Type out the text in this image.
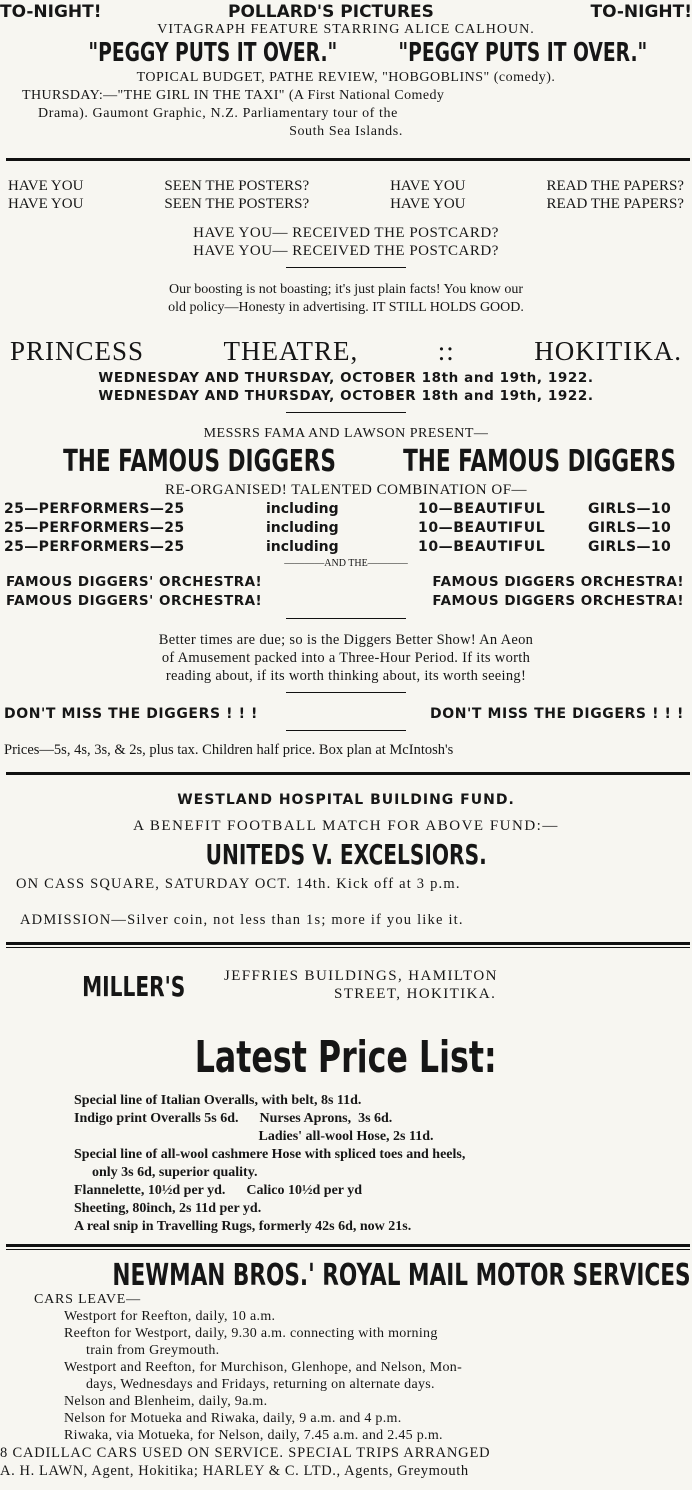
TO-NIGHT!	POLLARD'S PICTURES	TO-NIGHT!
VITAGRAPH FEATURE STARRING ALICE CALHOUN.
"PEGGY PUTS IT OVER."	"PEGGY PUTS IT OVER."
TOPICAL BUDGET, PATHE REVIEW, "HOBGOBLINS" (comedy).
THURSDAY:—"THE GIRL IN THE TAXI" (A First National Comedy
Drama). Gaumont Graphic, N.Z. Parliamentary tour of the
South Sea Islands.
HAVE YOU	SEEN THE POSTERS?	HAVE YOU	READ THE PAPERS?
HAVE YOU	SEEN THE POSTERS?	HAVE YOU	READ THE PAPERS?
HAVE YOU— RECEIVED THE POSTCARD?
HAVE YOU— RECEIVED THE POSTCARD?
Our boosting is not boasting; it's just plain facts! You know our
old policy—Honesty in advertising. IT STILL HOLDS GOOD.
PRINCESS	THEATRE,	::	HOKITIKA.
WEDNESDAY AND THURSDAY, OCTOBER 18th and 19th, 1922.
WEDNESDAY AND THURSDAY, OCTOBER 18th and 19th, 1922.
MESSRS FAMA AND LAWSON PRESENT—
THE FAMOUS DIGGERS	THE FAMOUS DIGGERS
RE-ORGANISED! TALENTED COMBINATION OF—
25—PERFORMERS—25	including	10—BEAUTIFUL	GIRLS—10
25—PERFORMERS—25	including	10—BEAUTIFUL	GIRLS—10
25—PERFORMERS—25	including	10—BEAUTIFUL	GIRLS—10
————AND THE————
FAMOUS DIGGERS' ORCHESTRA!	FAMOUS DIGGERS ORCHESTRA!
FAMOUS DIGGERS' ORCHESTRA!	FAMOUS DIGGERS ORCHESTRA!
Better times are due; so is the Diggers Better Show! An Aeon
of Amusement packed into a Three-Hour Period. If its worth
reading about, if its worth thinking about, its worth seeing!
DON'T MISS THE DIGGERS ! ! !	DON'T MISS THE DIGGERS ! ! !
Prices—5s, 4s, 3s, & 2s, plus tax. Children half price. Box plan at McIntosh's
WESTLAND HOSPITAL BUILDING FUND.
A BENEFIT FOOTBALL MATCH FOR ABOVE FUND:—
UNITEDS V. EXCELSIORS.
ON CASS SQUARE, SATURDAY OCT. 14th. Kick off at 3 p.m.
ADMISSION—Silver coin, not less than 1s; more if you like it.
MILLER'S	JEFFRIES BUILDINGS, HAMILTON
STREET, HOKITIKA.
Latest Price List:
Special line of Italian Overalls, with belt, 8s 11d.
Indigo print Overalls 5s 6d.      Nurses Aprons,  3s 6d.
Ladies' all-wool Hose, 2s 11d.
Special line of all-wool cashmere Hose with spliced toes and heels,
only 3s 6d, superior quality.
Flannelette, 10½d per yd.      Calico 10½d per yd
Sheeting, 80inch, 2s 11d per yd.
A real snip in Travelling Rugs, formerly 42s 6d, now 21s.
NEWMAN BROS.' ROYAL MAIL MOTOR SERVICES
CARS LEAVE—
Westport for Reefton, daily, 10 a.m.
Reefton for Westport, daily, 9.30 a.m. connecting with morning
train from Greymouth.
Westport and Reefton, for Murchison, Glenhope, and Nelson, Mon-
days, Wednesdays and Fridays, returning on alternate days.
Nelson and Blenheim, daily, 9a.m.
Nelson for Motueka and Riwaka, daily, 9 a.m. and 4 p.m.
Riwaka, via Motueka, for Nelson, daily, 7.45 a.m. and 2.45 p.m.
8 CADILLAC CARS USED ON SERVICE. SPECIAL TRIPS ARRANGED
A. H. LAWN, Agent, Hokitika; HARLEY & C. LTD., Agents, Greymouth
